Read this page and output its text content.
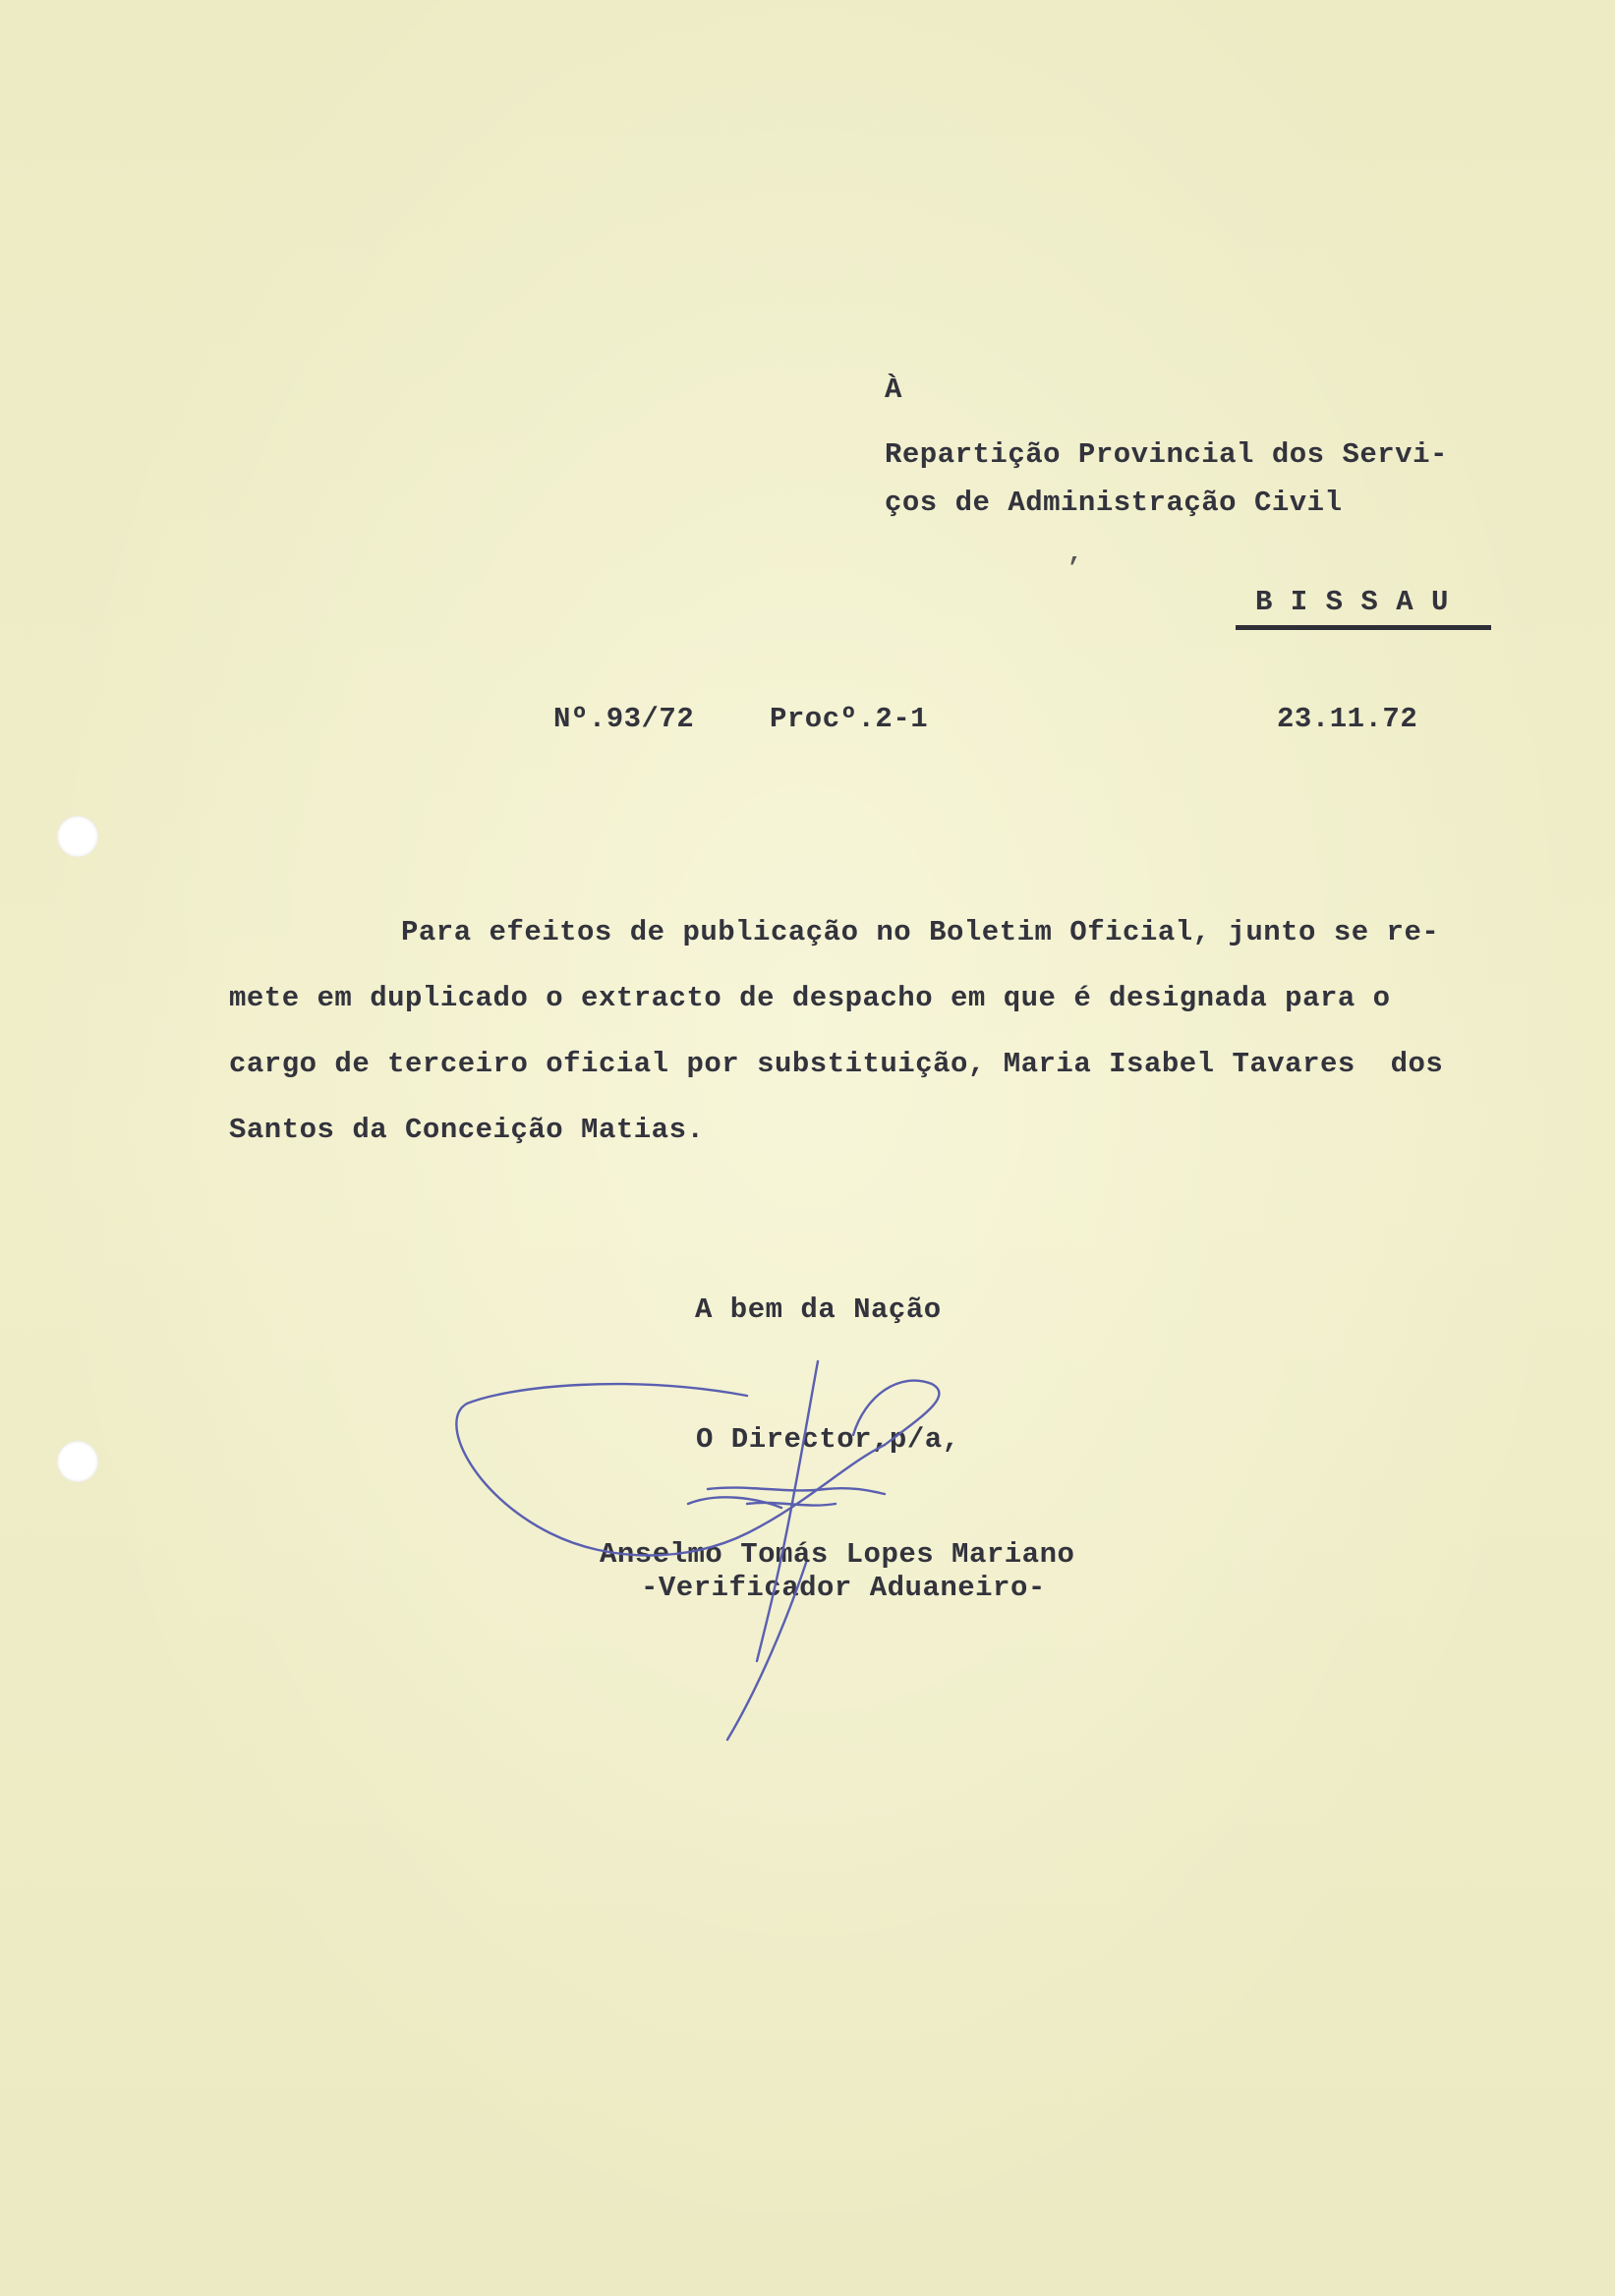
,
À
Repartição Provincial dos Servi-
ços de Administração Civil
B I S S A U
Nº.93/72	Procº.2-1	23.11.72
Para efeitos de publicação no Boletim Oficial, junto se re-
mete em duplicado o extracto de despacho em que é designada para o
cargo de terceiro oficial por substituição, Maria Isabel Tavares  dos
Santos da Conceição Matias.
A bem da Nação
O Director,p/a,
Anselmo Tomás Lopes Mariano
-Verificador Aduaneiro-
